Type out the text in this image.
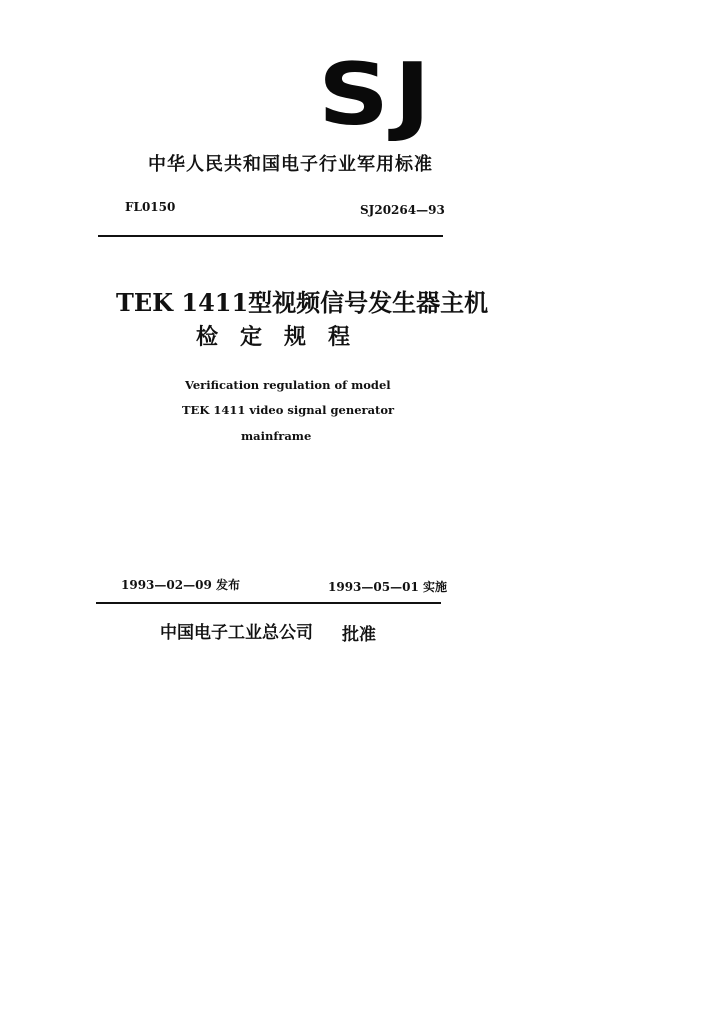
SJ
中华人民共和国电子行业军用标准
FL0150	SJ20264—93
TEK 1411型视频信号发生器主机
检定规程
Verification regulation of model
TEK 1411 video signal generator
mainframe
1993—02—09 发布	1993—05—01 实施
中国电子工业总公司 批准
